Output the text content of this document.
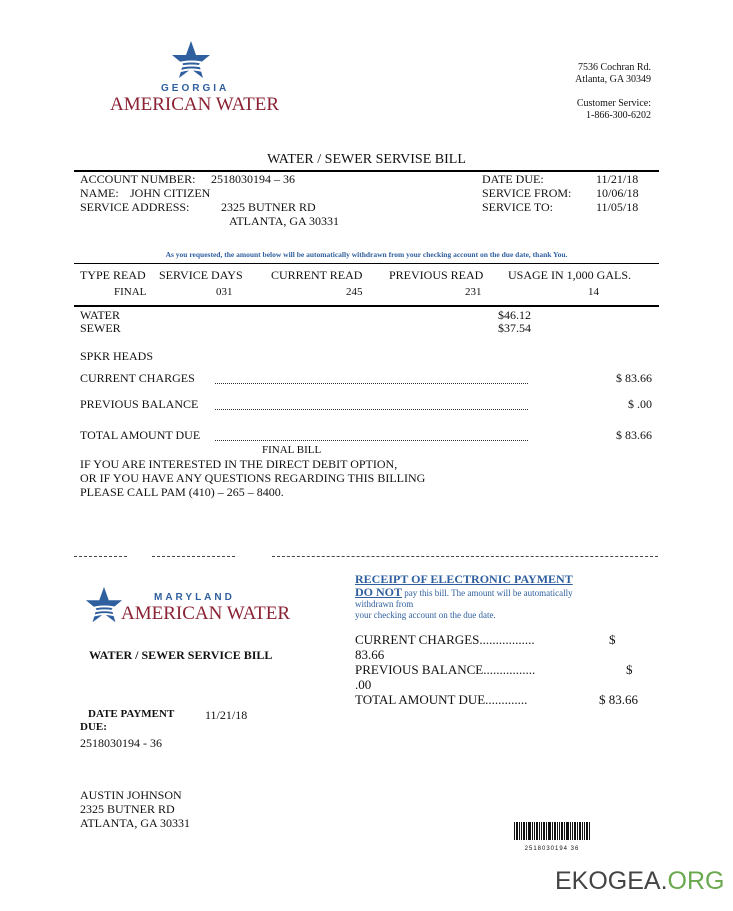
GEORGIA
AMERICAN WATER
7536 Cochran Rd.
Atlanta, GA 30349
Customer Service:
1-866-300-6202
WATER / SEWER SERVISE BILL
ACCOUNT NUMBER: 2518030194 – 36
NAME: JOHN CITIZEN
SERVICE ADDRESS:	2325 BUTNER RD
ATLANTA, GA 30331
DATE DUE:	11/21/18
SERVICE FROM: 10/06/18
SERVICE TO:	11/05/18
As you requested, the amount below will be automatically withdrawn from your checking account on the due date, thank You.
TYPE READ SERVICE DAYS CURRENT READ PREVIOUS READ USAGE IN 1,000 GALS.
FINAL	031	245	231	14
WATER	$46.12
SEWER	$37.54
SPKR HEADS
CURRENT CHARGES	$ 83.66
PREVIOUS BALANCE	$ .00
TOTAL AMOUNT DUE	$ 83.66
FINAL BILL
IF YOU ARE INTERESTED IN THE DIRECT DEBIT OPTION,
OR IF YOU HAVE ANY QUESTIONS REGARDING THIS BILLING
PLEASE CALL PAM (410) – 265 – 8400.
MARYLAND
AMERICAN WATER
WATER / SEWER SERVICE BILL
DATE PAYMENT
DUE:
11/21/18
2518030194 - 36
AUSTIN JOHNSON
2325 BUTNER RD
ATLANTA, GA 30331
RECEIPT OF ELECTRONIC PAYMENT
DO NOT pay this bill. The amount will be automatically
withdrawn from
your checking account on the due date.
CURRENT CHARGES.................	$
83.66
PREVIOUS BALANCE................	$
.00
TOTAL AMOUNT DUE.............	$ 83.66
2518030194 36
EKOGEA.ORG
